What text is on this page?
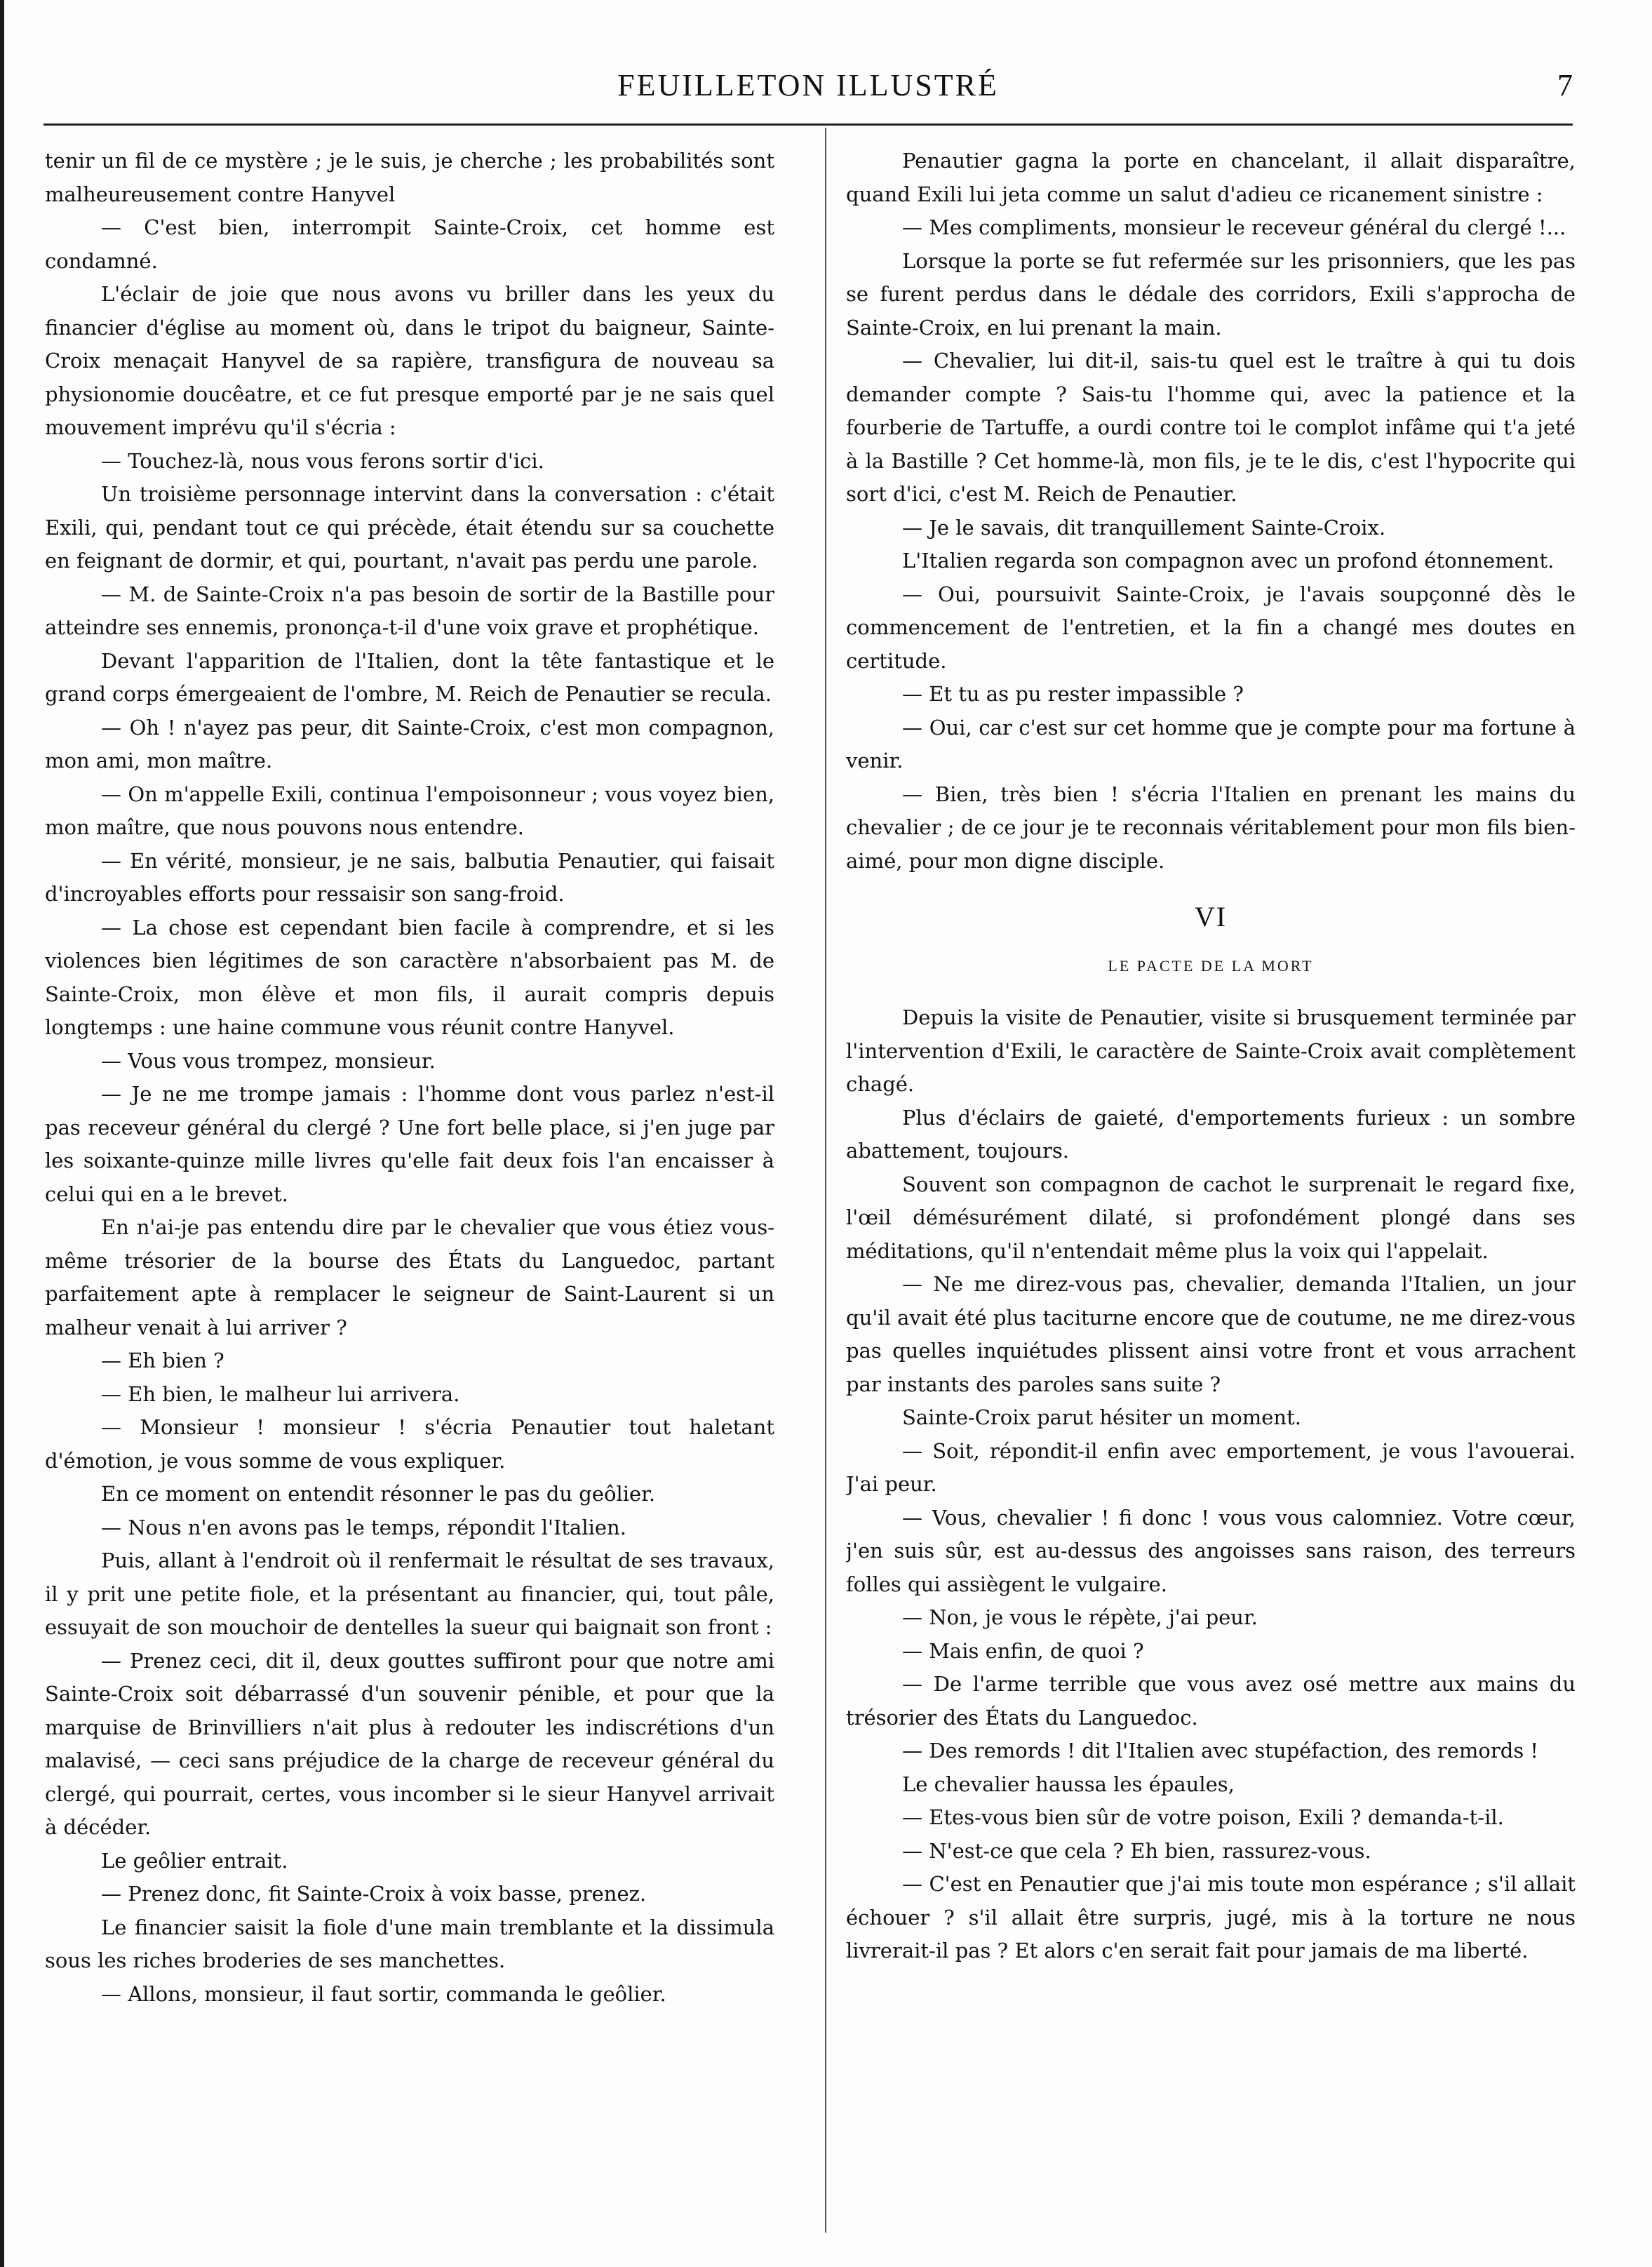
FEUILLETON ILLUSTRÉ	7

tenir un fil de ce mystère ; je le suis, je cherche ; les probabilités sont malheureusement contre Hanyvel

— C'est bien, interrompit Sainte-Croix, cet homme est condamné.

L'éclair de joie que nous avons vu briller dans les yeux du financier d'église au moment où, dans le tripot du baigneur, Sainte-Croix menaçait Hanyvel de sa rapière, transfigura de nouveau sa physionomie doucêatre, et ce fut presque emporté par je ne sais quel mouvement imprévu qu'il s'écria :

— Touchez-là, nous vous ferons sortir d'ici.

Un troisième personnage intervint dans la conversation : c'était Exili, qui, pendant tout ce qui précède, était étendu sur sa couchette en feignant de dormir, et qui, pourtant, n'avait pas perdu une parole.

— M. de Sainte-Croix n'a pas besoin de sortir de la Bastille pour atteindre ses ennemis, prononça-t-il d'une voix grave et prophétique.

Devant l'apparition de l'Italien, dont la tête fantastique et le grand corps émergeaient de l'ombre, M. Reich de Penautier se recula.

— Oh ! n'ayez pas peur, dit Sainte-Croix, c'est mon compagnon, mon ami, mon maître.

— On m'appelle Exili, continua l'empoisonneur ; vous voyez bien, mon maître, que nous pouvons nous entendre.

— En vérité, monsieur, je ne sais, balbutia Penautier, qui faisait d'incroyables efforts pour ressaisir son sang-froid.

— La chose est cependant bien facile à comprendre, et si les violences bien légitimes de son caractère n'absorbaient pas M. de Sainte-Croix, mon élève et mon fils, il aurait compris depuis longtemps : une haine commune vous réunit contre Hanyvel.

— Vous vous trompez, monsieur.

— Je ne me trompe jamais : l'homme dont vous parlez n'est-il pas receveur général du clergé ? Une fort belle place, si j'en juge par les soixante-quinze mille livres qu'elle fait deux fois l'an encaisser à celui qui en a le brevet.

En n'ai-je pas entendu dire par le chevalier que vous étiez vous-même trésorier de la bourse des États du Languedoc, partant parfaitement apte à remplacer le seigneur de Saint-Laurent si un malheur venait à lui arriver ?

— Eh bien ?

— Eh bien, le malheur lui arrivera.

— Monsieur ! monsieur ! s'écria Penautier tout haletant d'émotion, je vous somme de vous expliquer.

En ce moment on entendit résonner le pas du geôlier.

— Nous n'en avons pas le temps, répondit l'Italien.

Puis, allant à l'endroit où il renfermait le résultat de ses travaux, il y prit une petite fiole, et la présentant au financier, qui, tout pâle, essuyait de son mouchoir de dentelles la sueur qui baignait son front :

— Prenez ceci, dit il, deux gouttes suffiront pour que notre ami Sainte-Croix soit débarrassé d'un souvenir pénible, et pour que la marquise de Brinvilliers n'ait plus à redouter les indiscrétions d'un malavisé, — ceci sans préjudice de la charge de receveur général du clergé, qui pourrait, certes, vous incomber si le sieur Hanyvel arrivait à décéder.

Le geôlier entrait.

— Prenez donc, fit Sainte-Croix à voix basse, prenez.

Le financier saisit la fiole d'une main tremblante et la dissimula sous les riches broderies de ses manchettes.

— Allons, monsieur, il faut sortir, commanda le geôlier.

Penautier gagna la porte en chancelant, il allait disparaître, quand Exili lui jeta comme un salut d'adieu ce ricanement sinistre :

— Mes compliments, monsieur le receveur général du clergé !...

Lorsque la porte se fut refermée sur les prisonniers, que les pas se furent perdus dans le dédale des corridors, Exili s'approcha de Sainte-Croix, en lui prenant la main.

— Chevalier, lui dit-il, sais-tu quel est le traître à qui tu dois demander compte ? Sais-tu l'homme qui, avec la patience et la fourberie de Tartuffe, a ourdi contre toi le complot infâme qui t'a jeté à la Bastille ? Cet homme-là, mon fils, je te le dis, c'est l'hypocrite qui sort d'ici, c'est M. Reich de Penautier.

— Je le savais, dit tranquillement Sainte-Croix.

L'Italien regarda son compagnon avec un profond étonnement.

— Oui, poursuivit Sainte-Croix, je l'avais soupçonné dès le commencement de l'entretien, et la fin a changé mes doutes en certitude.

— Et tu as pu rester impassible ?

— Oui, car c'est sur cet homme que je compte pour ma fortune à venir.

— Bien, très bien ! s'écria l'Italien en prenant les mains du chevalier ; de ce jour je te reconnais véritablement pour mon fils bien-aimé, pour mon digne disciple.

VI
LE PACTE DE LA MORT

Depuis la visite de Penautier, visite si brusquement terminée par l'intervention d'Exili, le caractère de Sainte-Croix avait complètement chagé.

Plus d'éclairs de gaieté, d'emportements furieux : un sombre abattement, toujours.

Souvent son compagnon de cachot le surprenait le regard fixe, l'œil démésurément dilaté, si profondément plongé dans ses méditations, qu'il n'entendait même plus la voix qui l'appelait.

— Ne me direz-vous pas, chevalier, demanda l'Italien, un jour qu'il avait été plus taciturne encore que de coutume, ne me direz-vous pas quelles inquiétudes plissent ainsi votre front et vous arrachent par instants des paroles sans suite ?

Sainte-Croix parut hésiter un moment.

— Soit, répondit-il enfin avec emportement, je vous l'avouerai. J'ai peur.

— Vous, chevalier ! fi donc ! vous vous calomniez. Votre cœur, j'en suis sûr, est au-dessus des angoisses sans raison, des terreurs folles qui assiègent le vulgaire.

— Non, je vous le répète, j'ai peur.

— Mais enfin, de quoi ?

— De l'arme terrible que vous avez osé mettre aux mains du trésorier des États du Languedoc.

— Des remords ! dit l'Italien avec stupéfaction, des remords !

Le chevalier haussa les épaules,

— Etes-vous bien sûr de votre poison, Exili ? demanda-t-il.

— N'est-ce que cela ? Eh bien, rassurez-vous.

— C'est en Penautier que j'ai mis toute mon espérance ; s'il allait échouer ? s'il allait être surpris, jugé, mis à la torture ne nous livrerait-il pas ? Et alors c'en serait fait pour jamais de ma liberté.
